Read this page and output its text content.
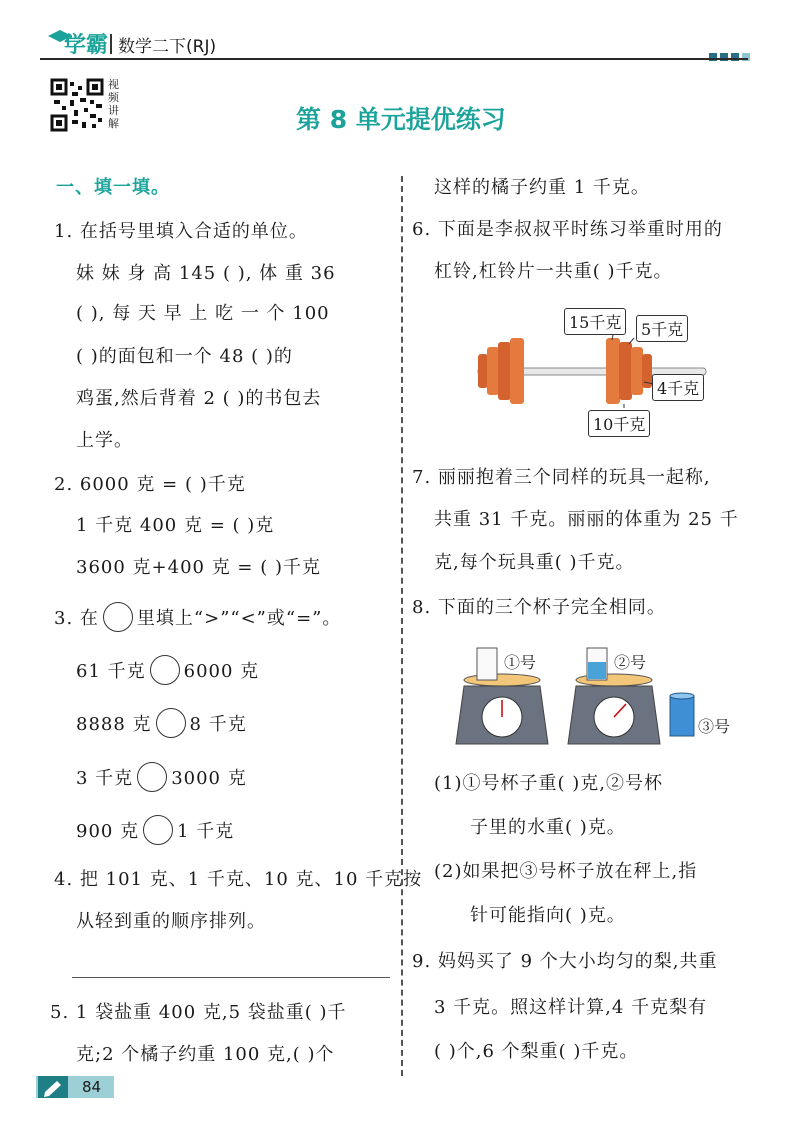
学霸 数学二下(RJ)
视频讲解	第 8 单元提优练习
一、填一填。
1. 在括号里填入合适的单位。
妹 妹 身 高 145 ( ), 体 重 36
( ), 每 天 早 上 吃 一 个 100
( )的面包和一个 48 ( )的
鸡蛋,然后背着 2 ( )的书包去
上学。
2. 6000 克 = ( )千克
1 千克 400 克 = ( )克
3600 克+400 克 = ( )千克
3. 在 里填上“>”“<”或“=”。
61 千克 6000 克
8888 克 8 千克
3 千克 3000 克
900 克 1 千克
4. 把 101 克、1 千克、10 克、10 千克按
从轻到重的顺序排列。
5. 1 袋盐重 400 克,5 袋盐重( )千
克;2 个橘子约重 100 克,( )个
这样的橘子约重 1 千克。
6. 下面是李叔叔平时练习举重时用的
杠铃,杠铃片一共重( )千克。
15千克	5千克
4千克
10千克
7. 丽丽抱着三个同样的玩具一起称,
共重 31 千克。丽丽的体重为 25 千
克,每个玩具重( )千克。
8. 下面的三个杯子完全相同。
①号	②号
③号
(1)①号杯子重( )克,②号杯
子里的水重( )克。
(2)如果把③号杯子放在秤上,指
针可能指向( )克。
9. 妈妈买了 9 个大小均匀的梨,共重
3 千克。照这样计算,4 千克梨有
( )个,6 个梨重( )千克。
84
